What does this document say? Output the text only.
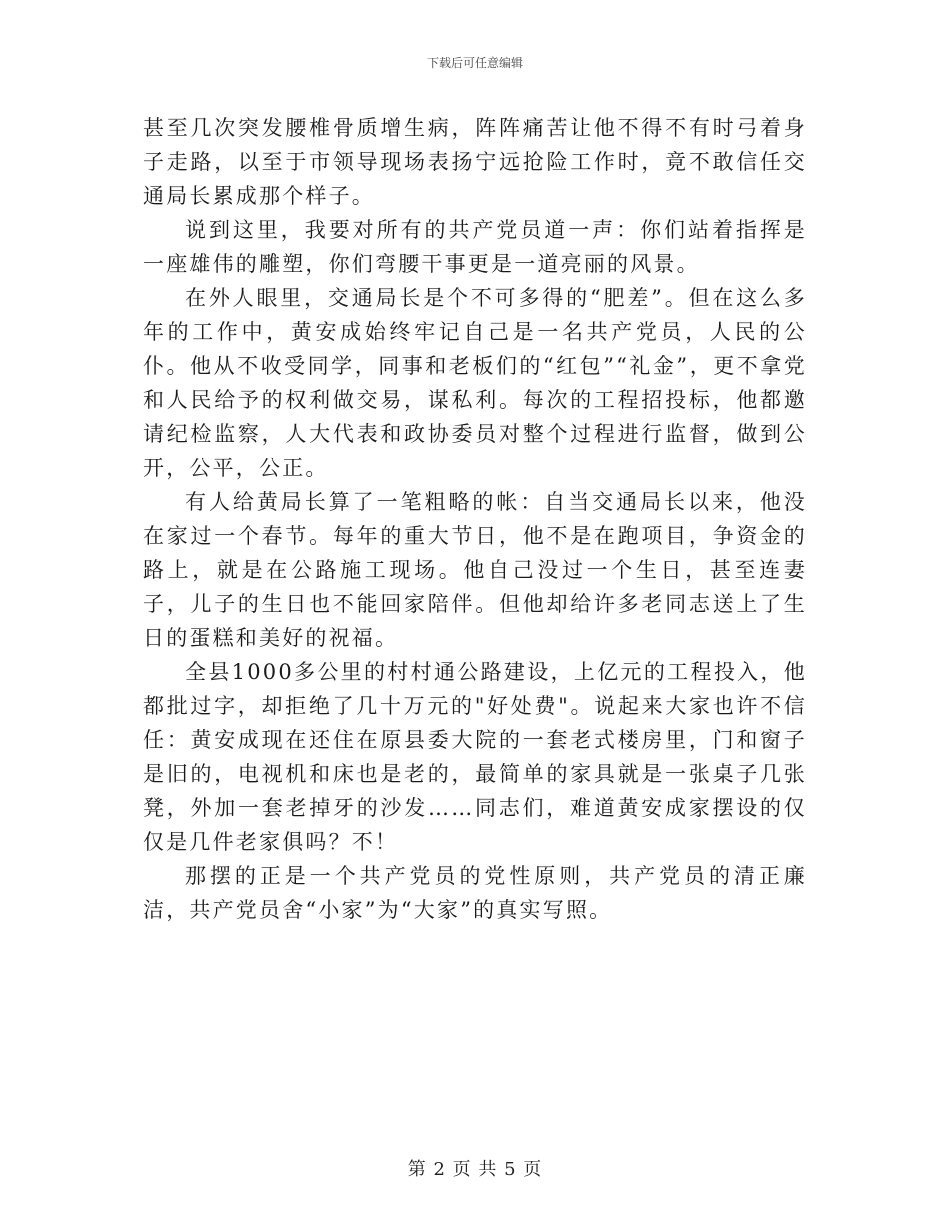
下载后可任意编辑

甚至几次突发腰椎骨质增生病，阵阵痛苦让他不得不有时弓着身子走路，以至于市领导现场表扬宁远抢险工作时，竟不敢信任交通局长累成那个样子。

说到这里，我要对所有的共产党员道一声：你们站着指挥是一座雄伟的雕塑，你们弯腰干事更是一道亮丽的风景。

在外人眼里，交通局长是个不可多得的“肥差”。但在这么多年的工作中，黄安成始终牢记自己是一名共产党员，人民的公仆。他从不收受同学，同事和老板们的“红包”“礼金”，更不拿党和人民给予的权利做交易，谋私利。每次的工程招投标，他都邀请纪检监察，人大代表和政协委员对整个过程进行监督，做到公开，公平，公正。

有人给黄局长算了一笔粗略的帐：自当交通局长以来，他没在家过一个春节。每年的重大节日，他不是在跑项目，争资金的路上，就是在公路施工现场。他自己没过一个生日，甚至连妻子，儿子的生日也不能回家陪伴。但他却给许多老同志送上了生日的蛋糕和美好的祝福。

全县1000多公里的村村通公路建设，上亿元的工程投入，他都批过字，却拒绝了几十万元的"好处费"。说起来大家也许不信任：黄安成现在还住在原县委大院的一套老式楼房里，门和窗子是旧的，电视机和床也是老的，最简单的家具就是一张桌子几张凳，外加一套老掉牙的沙发……同志们，难道黄安成家摆设的仅仅是几件老家俱吗？不！

那摆的正是一个共产党员的党性原则，共产党员的清正廉洁，共产党员舍“小家”为“大家”的真实写照。

第 2 页 共 5 页
